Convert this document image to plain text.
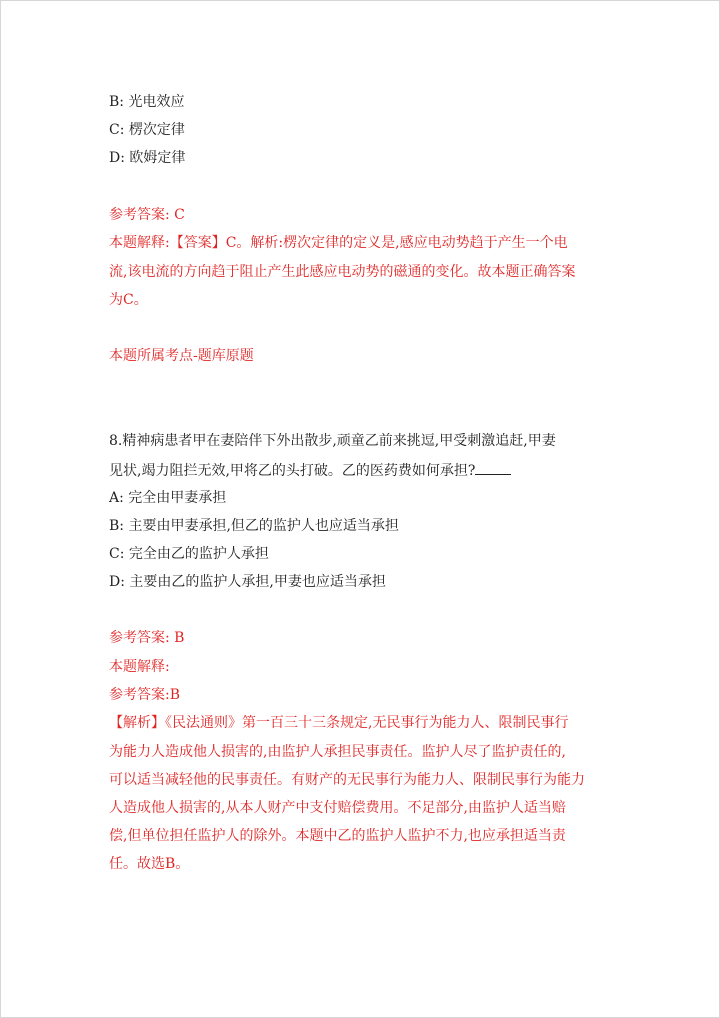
B: 光电效应
C: 楞次定律
D: 欧姆定律
参考答案: C
本题解释:【答案】C。解析:楞次定律的定义是,感应电动势趋于产生一个电
流,该电流的方向趋于阻止产生此感应电动势的磁通的变化。故本题正确答案
为C。
本题所属考点-题库原题
8.精神病患者甲在妻陪伴下外出散步,顽童乙前来挑逗,甲受刺激追赶,甲妻
见状,竭力阻拦无效,甲将乙的头打破。乙的医药费如何承担?
A: 完全由甲妻承担
B: 主要由甲妻承担,但乙的监护人也应适当承担
C: 完全由乙的监护人承担
D: 主要由乙的监护人承担,甲妻也应适当承担
参考答案: B
本题解释:
参考答案:B
【解析】《民法通则》第一百三十三条规定,无民事行为能力人、限制民事行
为能力人造成他人损害的,由监护人承担民事责任。监护人尽了监护责任的,
可以适当减轻他的民事责任。有财产的无民事行为能力人、限制民事行为能力
人造成他人损害的,从本人财产中支付赔偿费用。不足部分,由监护人适当赔
偿,但单位担任监护人的除外。本题中乙的监护人监护不力,也应承担适当责
任。故选B。
